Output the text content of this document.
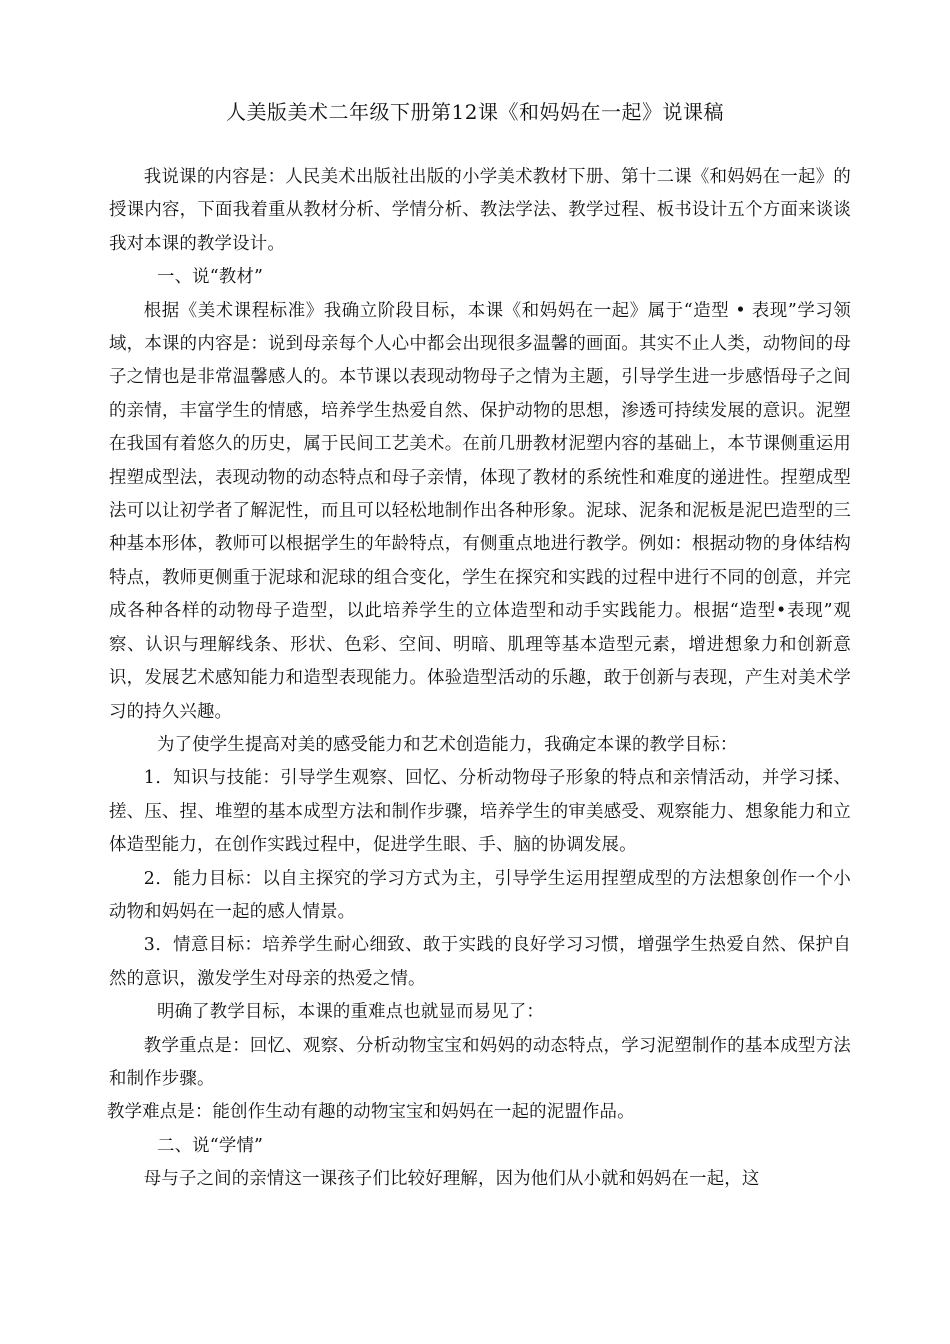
人美版美术二年级下册第12课《和妈妈在一起》说课稿

我说课的内容是：人民美术出版社出版的小学美术教材下册、第十二课《和妈妈在一起》的授课内容，下面我着重从教材分析、学情分析、教法学法、教学过程、板书设计五个方面来谈谈我对本课的教学设计。

一、说“教材”

根据《美术课程标准》我确立阶段目标，本课《和妈妈在一起》属于“造型 • 表现”学习领域，本课的内容是：说到母亲每个人心中都会出现很多温馨的画面。其实不止人类，动物间的母子之情也是非常温馨感人的。本节课以表现动物母子之情为主题，引导学生进一步感悟母子之间的亲情，丰富学生的情感，培养学生热爱自然、保护动物的思想，渗透可持续发展的意识。泥塑在我国有着悠久的历史，属于民间工艺美术。在前几册教材泥塑内容的基础上，本节课侧重运用捏塑成型法，表现动物的动态特点和母子亲情，体现了教材的系统性和难度的递进性。捏塑成型法可以让初学者了解泥性，而且可以轻松地制作出各种形象。泥球、泥条和泥板是泥巴造型的三种基本形体，教师可以根据学生的年龄特点，有侧重点地进行教学。例如：根据动物的身体结构特点，教师更侧重于泥球和泥球的组合变化，学生在探究和实践的过程中进行不同的创意，并完成各种各样的动物母子造型，以此培养学生的立体造型和动手实践能力。根据“造型•表现”观察、认识与理解线条、形状、色彩、空间、明暗、肌理等基本造型元素，增进想象力和创新意识，发展艺术感知能力和造型表现能力。体验造型活动的乐趣，敢于创新与表现，产生对美术学习的持久兴趣。

为了使学生提高对美的感受能力和艺术创造能力，我确定本课的教学目标：

1．知识与技能：引导学生观察、回忆、分析动物母子形象的特点和亲情活动，并学习揉、搓、压、捏、堆塑的基本成型方法和制作步骤，培养学生的审美感受、观察能力、想象能力和立体造型能力，在创作实践过程中，促进学生眼、手、脑的协调发展。

2．能力目标：以自主探究的学习方式为主，引导学生运用捏塑成型的方法想象创作一个小动物和妈妈在一起的感人情景。

3．情意目标：培养学生耐心细致、敢于实践的良好学习习惯，增强学生热爱自然、保护自然的意识，激发学生对母亲的热爱之情。

明确了教学目标，本课的重难点也就显而易见了：

教学重点是：回忆、观察、分析动物宝宝和妈妈的动态特点，学习泥塑制作的基本成型方法和制作步骤。

教学难点是：能创作生动有趣的动物宝宝和妈妈在一起的泥盟作品。

二、说“学情”

母与子之间的亲情这一课孩子们比较好理解，因为他们从小就和妈妈在一起，这
